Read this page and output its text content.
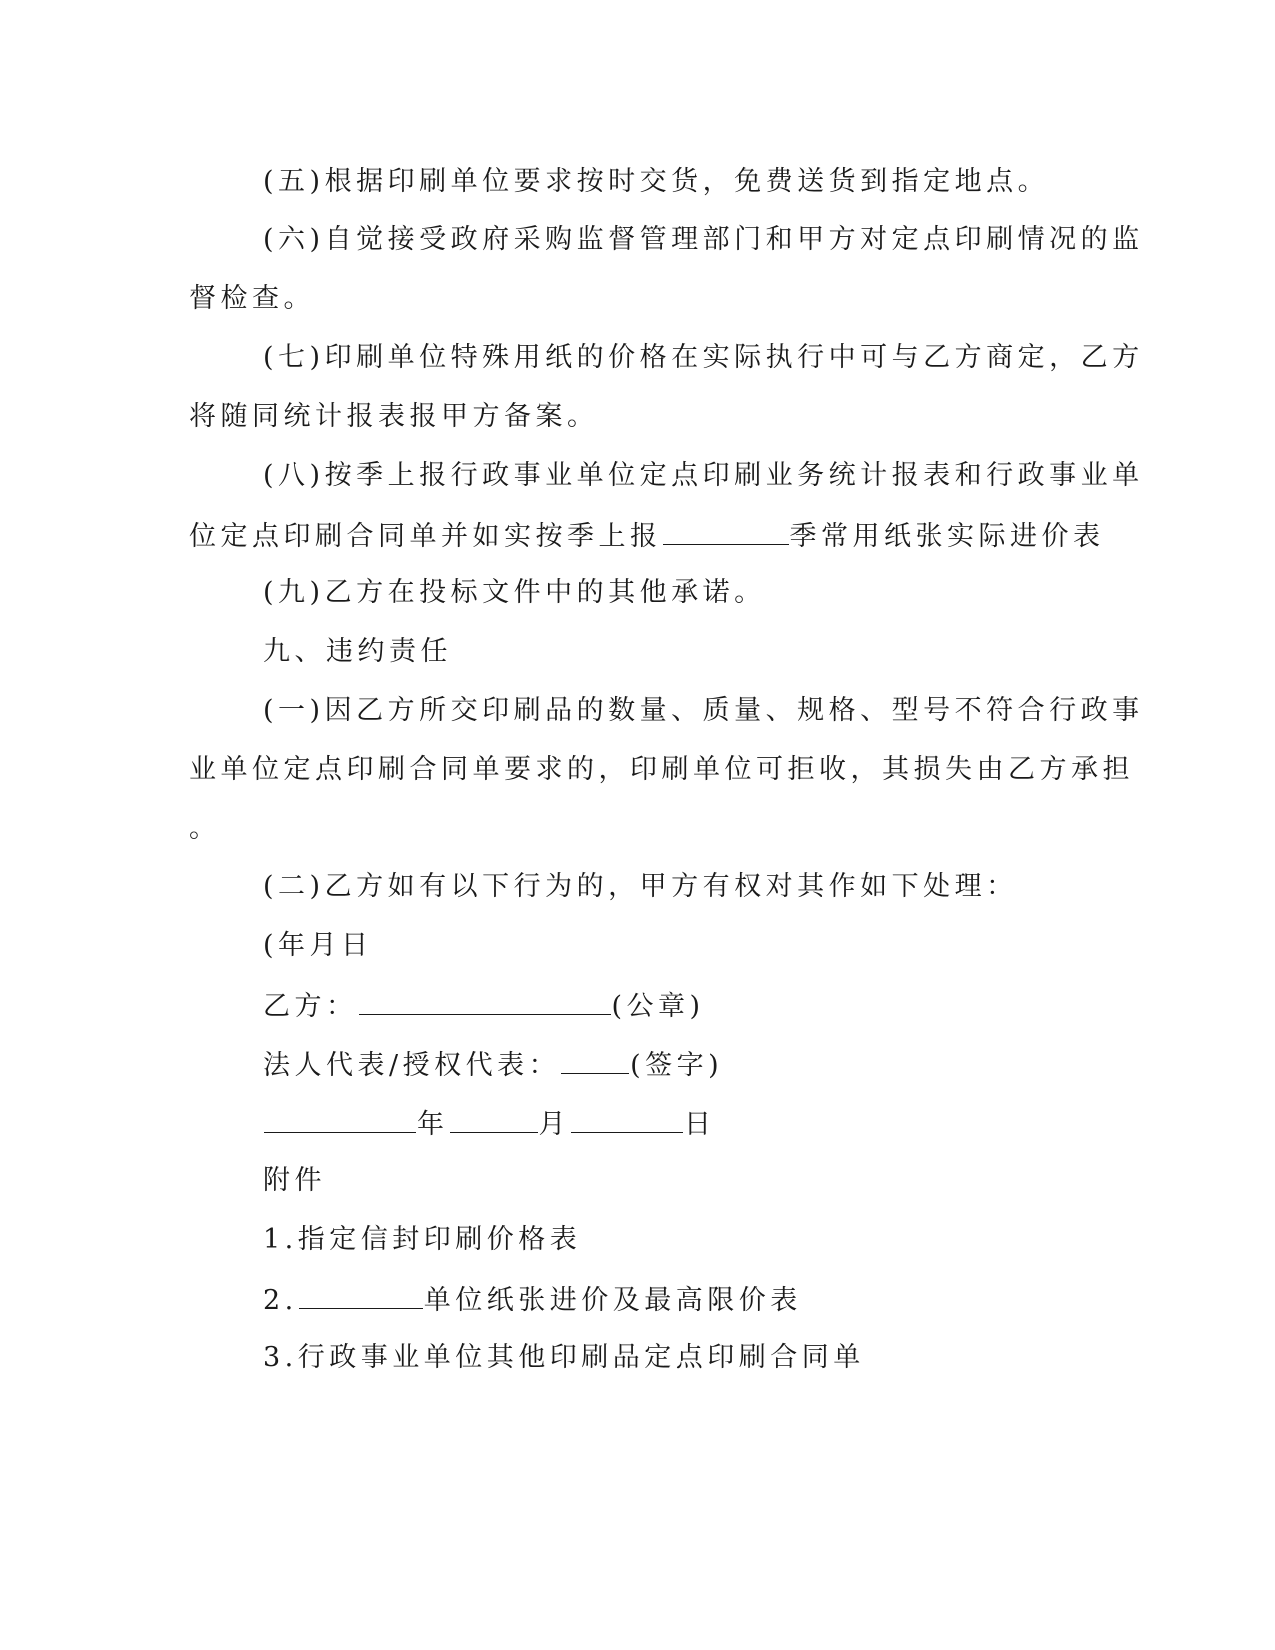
(五)根据印刷单位要求按时交货，免费送货到指定地点。
(六)自觉接受政府采购监督管理部门和甲方对定点印刷情况的监
督检查。
(七)印刷单位特殊用纸的价格在实际执行中可与乙方商定，乙方
将随同统计报表报甲方备案。
(八)按季上报行政事业单位定点印刷业务统计报表和行政事业单
位定点印刷合同单并如实按季上报	季常用纸张实际进价表
(九)乙方在投标文件中的其他承诺。
九、违约责任
(一)因乙方所交印刷品的数量、质量、规格、型号不符合行政事
业单位定点印刷合同单要求的，印刷单位可拒收，其损失由乙方承担
。
(二)乙方如有以下行为的，甲方有权对其作如下处理：
(年月日
乙方：	(公章)
法人代表/授权代表：	(签字)
年	月	日
附件
1.指定信封印刷价格表
2.	单位纸张进价及最高限价表
3.行政事业单位其他印刷品定点印刷合同单
